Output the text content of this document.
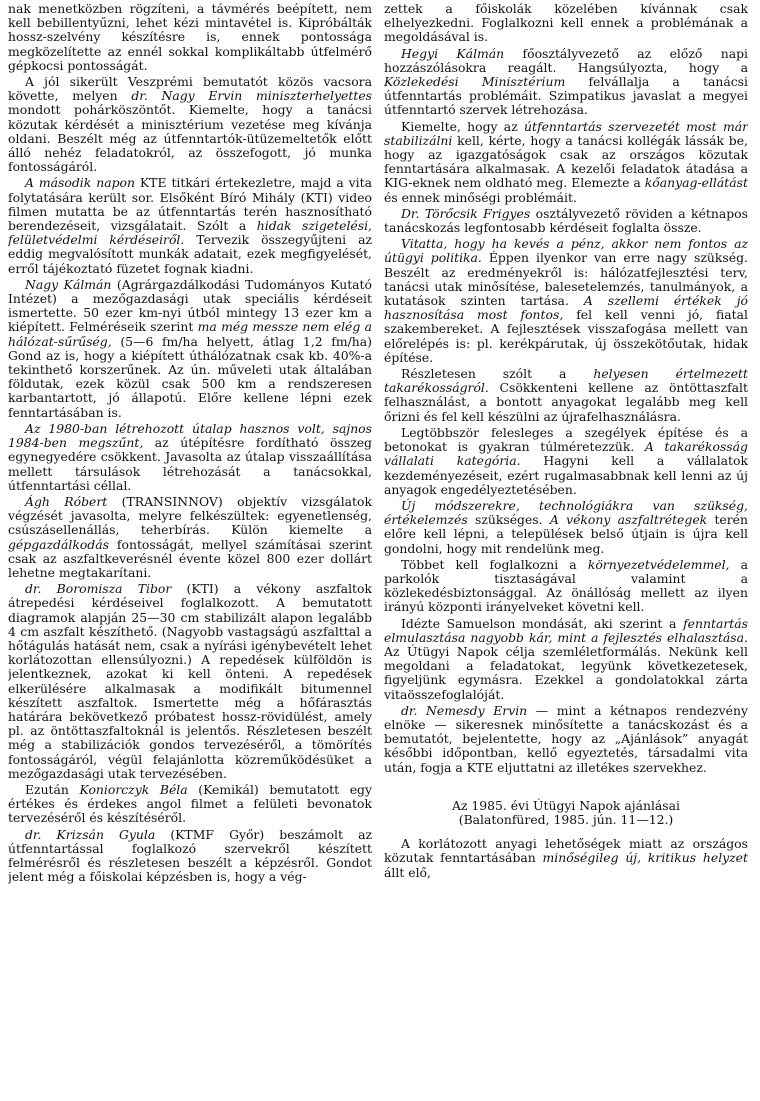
nak menetközben rögzíteni, a távmérés beépített, nem kell bebillentyűzni, lehet kézi mintavétel is. Kipróbálták hossz-szelvény készítésre is, ennek pontossága megközelítette az ennél sokkal komplikáltabb útfelmérő gépkocsi pontosságát.

A jól sikerült Veszprémi bemutatót közös vacsora követte, melyen dr. Nagy Ervin miniszterhelyettes mondott pohárköszöntőt. Kiemelte, hogy a tanácsi közutak kérdését a minisztérium vezetése meg kívánja oldani. Beszélt még az útfenntartók-ütüzemeltetők előtt álló nehéz feladatokról, az összefogott, jó munka fontosságáról.

A második napon KTE titkári értekezletre, majd a vita folytatására került sor. Elsőként Bíró Mihály (KTI) video filmen mutatta be az útfenntartás terén hasznosítható berendezéseit, vizsgálatait. Szólt a hidak szigetelési, felületvédelmi kérdéseiről. Tervezik összegyűjteni az eddig megvalósított munkák adatait, ezek megfigyelését, erről tájékoztató füzetet fognak kiadni.

Nagy Kálmán (Agrárgazdálkodási Tudományos Kutató Intézet) a mezőgazdasági utak speciális kérdéseit ismertette. 50 ezer km-nyi útból mintegy 13 ezer km a kiépített. Felméréseik szerint ma még messze nem elég a hálózat-sűrűség, (5—6 fm/ha helyett, átlag 1,2 fm/ha) Gond az is, hogy a kiépített úthálózatnak csak kb. 40%-a tekinthető korszerűnek. Az ún. műveleti utak általában földutak, ezek közül csak 500 km a rendszeresen karbantartott, jó állapotú. Előre kellene lépni ezek fenntartásában is.

Az 1980-ban létrehozott útalap hasznos volt, sajnos 1984-ben megszűnt, az útépítésre fordítható összeg egynegyedére csökkent. Javasolta az útalap visszaállítása mellett társulások létrehozását a tanácsokkal, útfenntartási céllal.

Ágh Róbert (TRANSINNOV) objektív vizsgálatok végzését javasolta, melyre felkészültek: egyenetlenség, csúszásellenállás, teherbírás. Külön kiemelte a gépgazdálkodás fontosságát, mellyel számításai szerint csak az aszfaltkeverésnél évente közel 800 ezer dollárt lehetne megtakarítani.

dr. Boromisza Tibor (KTI) a vékony aszfaltok átrepedési kérdéseivel foglalkozott. A bemutatott diagramok alapján 25—30 cm stabilizált alapon legalább 4 cm aszfalt készíthető. (Nagyobb vastagságú aszfalttal a hőtágulás hatását nem, csak a nyírási igénybevételt lehet korlátozottan ellensúlyozni.) A repedések külföldön is jelentkeznek, azokat ki kell önteni. A repedések elkerülésére alkalmasak a modifikált bitumennel készített aszfaltok. Ismertette még a hőfárasztás határára bekövetkező próbatest hossz-rövidülést, amely pl. az öntöttaszfaltoknál is jelentős. Részletesen beszélt még a stabilizációk gondos tervezéséről, a tömörítés fontosságáról, végül felajánlotta közreműködésüket a mezőgazdasági utak tervezésében.

Ezután Koniorczyk Béla (Kemikál) bemutatott egy értékes és érdekes angol filmet a felületi bevonatok tervezéséről és készítéséről.

dr. Krizsán Gyula (KTMF Győr) beszámolt az útfenntartással foglalkozó szervekről készített felmérésről és részletesen beszélt a képzésről. Gondot jelent még a főiskolai képzésben is, hogy a vég-

zettek a főiskolák közelében kívánnak csak elhelyezkedni. Foglalkozni kell ennek a problémának a megoldásával is.

Hegyi Kálmán főosztályvezető az előző napi hozzászólásokra reagált. Hangsúlyozta, hogy a Közlekedési Minisztérium felvállalja a tanácsi útfenntartás problémáit. Szimpatikus javaslat a megyei útfenntartó szervek létrehozása.

Kiemelte, hogy az útfenntartás szervezetét most már stabilizálni kell, kérte, hogy a tanácsi kollégák lássák be, hogy az igazgatóságok csak az országos közutak fenntartására alkalmasak. A kezelői feladatok átadása a KIG-eknek nem oldható meg. Elemezte a kőanyag-ellátást és ennek minőségi problémáit.

Dr. Törőcsik Frigyes osztályvezető röviden a kétnapos tanácskozás legfontosabb kérdéseit foglalta össze.

Vitatta, hogy ha kevés a pénz, akkor nem fontos az útügyi politika. Éppen ilyenkor van erre nagy szükség. Beszélt az eredményekről is: hálózatfejlesztési terv, tanácsi utak minősítése, balesetelemzés, tanulmányok, a kutatások szinten tartása. A szellemi értékek jó hasznosítása most fontos, fel kell venni jó, fiatal szakembereket. A fejlesztések visszafogása mellett van előrelépés is: pl. kerékpárutak, új összekötőutak, hidak építése.

Részletesen szólt a helyesen értelmezett takarékosságról. Csökkenteni kellene az öntöttaszfalt felhasználást, a bontott anyagokat legalább meg kell őrizni és fel kell készülni az újrafelhasználásra.

Legtöbbször felesleges a szegélyek építése és a betonokat is gyakran túlméretezzük. A takarékosság vállalati kategória. Hagyni kell a vállalatok kezdeményezéseit, ezért rugalmasabbnak kell lenni az új anyagok engedélyeztetésében.

Új módszerekre, technológiákra van szükség, értékelemzés szükséges. A vékony aszfaltrétegek terén előre kell lépni, a települések belső útjain is újra kell gondolni, hogy mit rendelünk meg.

Többet kell foglalkozni a környezetvédelemmel, a parkolók tisztaságával valamint a közlekedésbiztonsággal. Az önállóság mellett az ilyen irányú központi irányelveket követni kell.

Idézte Samuelson mondását, aki szerint a fenntartás elmulasztása nagyobb kár, mint a fejlesztés elhalasztása. Az Útügyi Napok célja szemléletformálás. Nekünk kell megoldani a feladatokat, legyünk következetesek, figyeljünk egymásra. Ezekkel a gondolatokkal zárta vitaösszefoglalóját.

dr. Nemesdy Ervin — mint a kétnapos rendezvény elnöke — sikeresnek minősítette a tanácskozást és a bemutatót, bejelentette, hogy az „Ajánlások” anyagát későbbi időpontban, kellő egyeztetés, társadalmi vita után, fogja a KTE eljuttatni az illetékes szervekhez.

Az 1985. évi Útügyi Napok ajánlásai
(Balatonfüred, 1985. jún. 11—12.)

A korlátozott anyagi lehetőségek miatt az országos közutak fenntartásában minőségileg új, kritikus helyzet állt elő,
